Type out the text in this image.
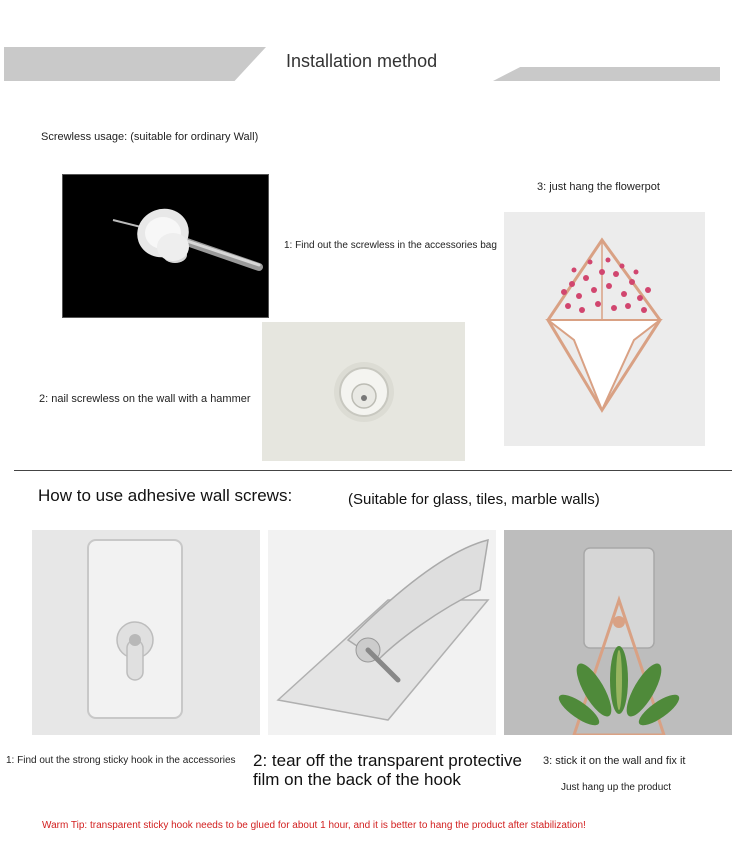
Installation method
Screwless usage: (suitable for ordinary Wall)
1: Find out the screwless in the accessories bag
3: just hang the flowerpot
2: nail screwless on the wall with a hammer
How to use adhesive wall screws:	(Suitable for glass, tiles, marble walls)
1: Find out the strong sticky hook in the accessories 2: tear off the transparent protective film on the back of the hook
3: stick it on the wall and fix it
Just hang up the product
Warm Tip: transparent sticky hook needs to be glued for about 1 hour, and it is better to hang the product after stabilization!
